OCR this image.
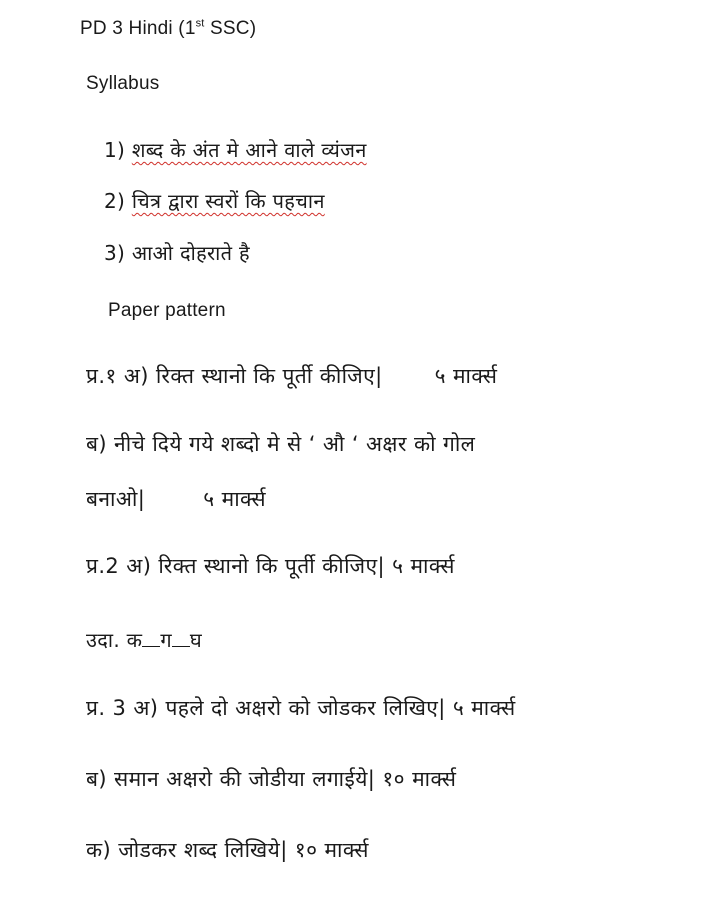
PD 3 Hindi (1st SSC)
Syllabus
1) शब्द के अंत मे आने वाले व्यंजन
2) चित्र द्वारा स्वरों कि पहचान
3) आओ दोहराते है
Paper pattern
प्र.१ अ) रिक्त स्थानो कि पूर्ती कीजिए| ५ मार्क्स
ब) नीचे दिये गये शब्दो मे से ‘ औ ‘ अक्षर को गोल
बनाओ|	५ मार्क्स
प्र.2 अ) रिक्त स्थानो कि पूर्ती कीजिए| ५ मार्क्स
उदा. क ग घ
प्र. 3 अ) पहले दो अक्षरो को जोडकर लिखिए| ५ मार्क्स
ब) समान अक्षरो की जोडीया लगाईये| १० मार्क्स
क) जोडकर शब्द लिखिये| १० मार्क्स
